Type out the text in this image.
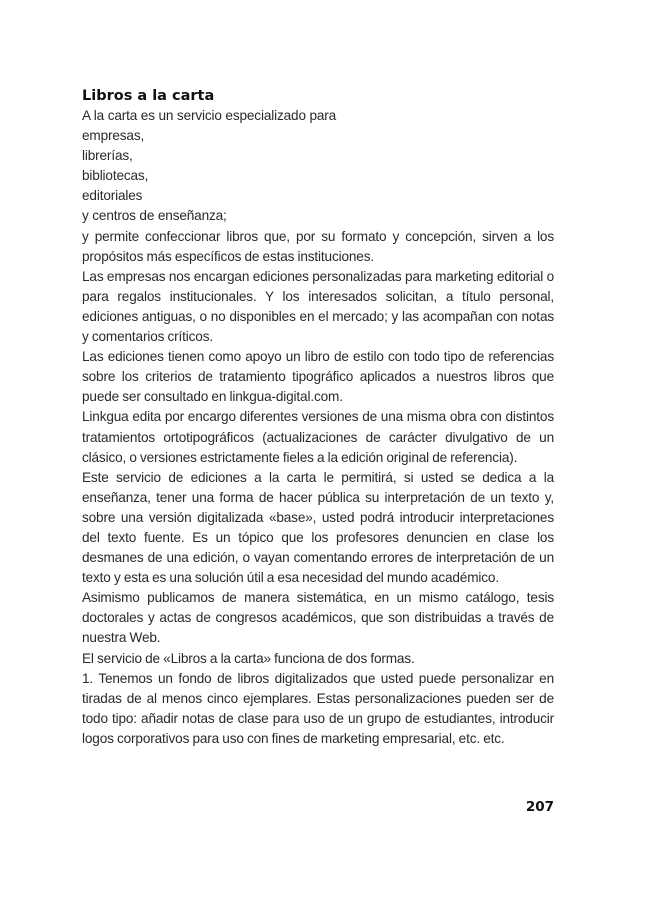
Libros a la carta

A la carta es un servicio especializado para

empresas,

librerías,

bibliotecas,

editoriales

y centros de enseñanza;

y permite confeccionar libros que, por su formato y concepción, sirven a los propósitos más específicos de estas instituciones.

Las empresas nos encargan ediciones personalizadas para marketing editorial o para regalos institucionales. Y los interesados solicitan, a título personal, ediciones antiguas, o no disponibles en el mercado; y las acompañan con notas y comentarios críticos.

Las ediciones tienen como apoyo un libro de estilo con todo tipo de referencias sobre los criterios de tratamiento tipográfico aplicados a nuestros libros que puede ser consultado en linkgua-digital.com.

Linkgua edita por encargo diferentes versiones de una misma obra con distintos tratamientos ortotipográficos (actualizaciones de carácter divulgativo de un clásico, o versiones estrictamente fieles a la edición original de referencia).

Este servicio de ediciones a la carta le permitirá, si usted se dedica a la enseñanza, tener una forma de hacer pública su interpretación de un texto y, sobre una versión digitalizada «base», usted podrá introducir interpretaciones del texto fuente. Es un tópico que los profesores denuncien en clase los desmanes de una edición, o vayan comentando errores de interpretación de un texto y esta es una solución útil a esa necesidad del mundo académico.

Asimismo publicamos de manera sistemática, en un mismo catálogo, tesis doctorales y actas de congresos académicos, que son distribuidas a través de nuestra Web.

El servicio de «Libros a la carta» funciona de dos formas.

1. Tenemos un fondo de libros digitalizados que usted puede personalizar en tiradas de al menos cinco ejemplares. Estas personalizaciones pueden ser de todo tipo: añadir notas de clase para uso de un grupo de estudiantes, introducir logos corporativos para uso con fines de marketing empresarial, etc. etc.

207
